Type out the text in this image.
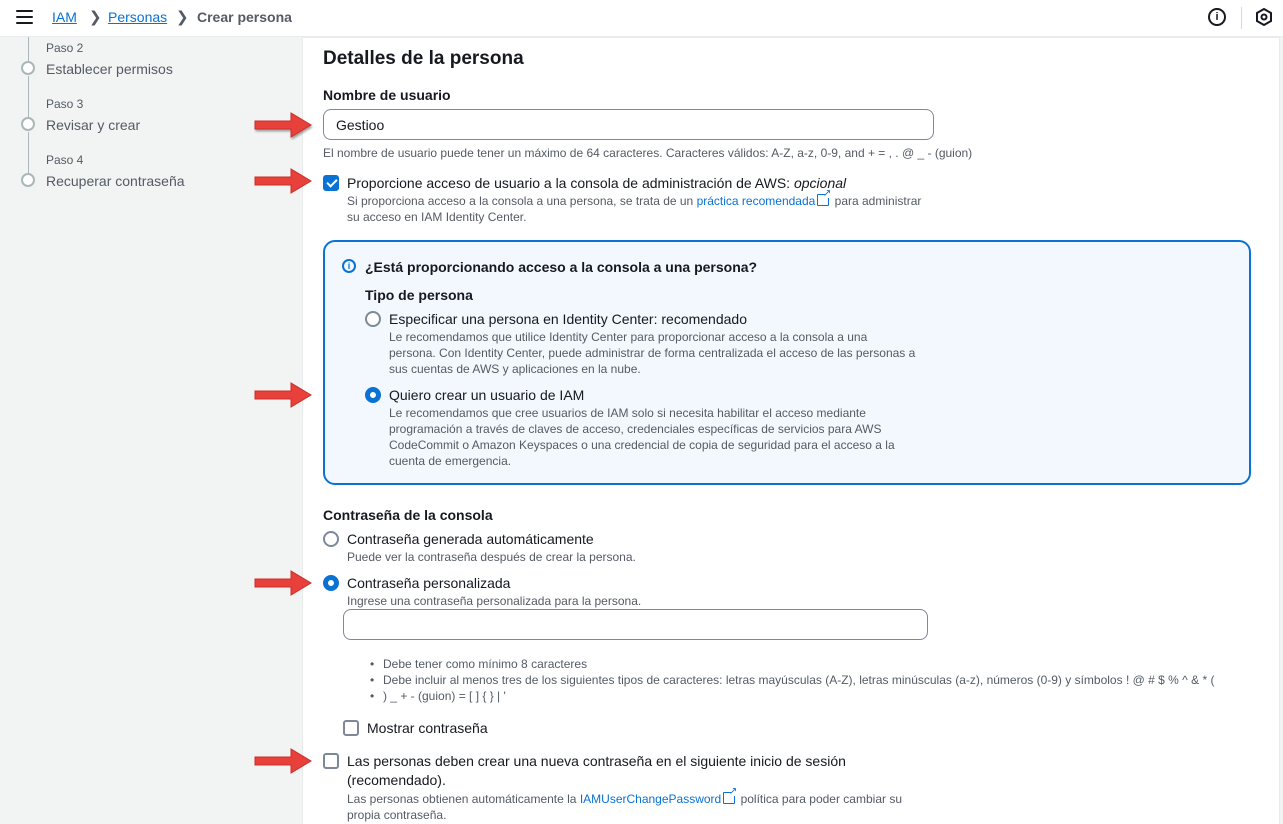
IAM ❯ Personas ❯ Crear persona	i
Paso 2
Establecer permisos
Paso 3
Revisar y crear
Paso 4
Recuperar contraseña
Detalles de la persona
Nombre de usuario
Gestioo
El nombre de usuario puede tener un máximo de 64 caracteres. Caracteres válidos: A-Z, a-z, 0-9, and + = , . @ _ - (guion)
Proporcione acceso de usuario a la consola de administración de AWS: opcional
Si proporciona acceso a la consola a una persona, se trata de un práctica recomendada ↗ para administrar
su acceso en IAM Identity Center.
i	¿Está proporcionando acceso a la consola a una persona?
Tipo de persona
Especificar una persona en Identity Center: recomendado
Le recomendamos que utilice Identity Center para proporcionar acceso a la consola a una
persona. Con Identity Center, puede administrar de forma centralizada el acceso de las personas a
sus cuentas de AWS y aplicaciones en la nube.
Quiero crear un usuario de IAM
Le recomendamos que cree usuarios de IAM solo si necesita habilitar el acceso mediante
programación a través de claves de acceso, credenciales específicas de servicios para AWS
CodeCommit o Amazon Keyspaces o una credencial de copia de seguridad para el acceso a la
cuenta de emergencia.
Contraseña de la consola
Contraseña generada automáticamente
Puede ver la contraseña después de crear la persona.
Contraseña personalizada
Ingrese una contraseña personalizada para la persona.
• Debe tener como mínimo 8 caracteres
• Debe incluir al menos tres de los siguientes tipos de caracteres: letras mayúsculas (A-Z), letras minúsculas (a-z), números (0-9) y símbolos ! @ # $ % ^ & * (
• ) _ + - (guion) = [ ] { } | '
Mostrar contraseña
Las personas deben crear una nueva contraseña en el siguiente inicio de sesión
(recomendado).
Las personas obtienen automáticamente la IAMUserChangePassword ↗ política para poder cambiar su
propia contraseña.
